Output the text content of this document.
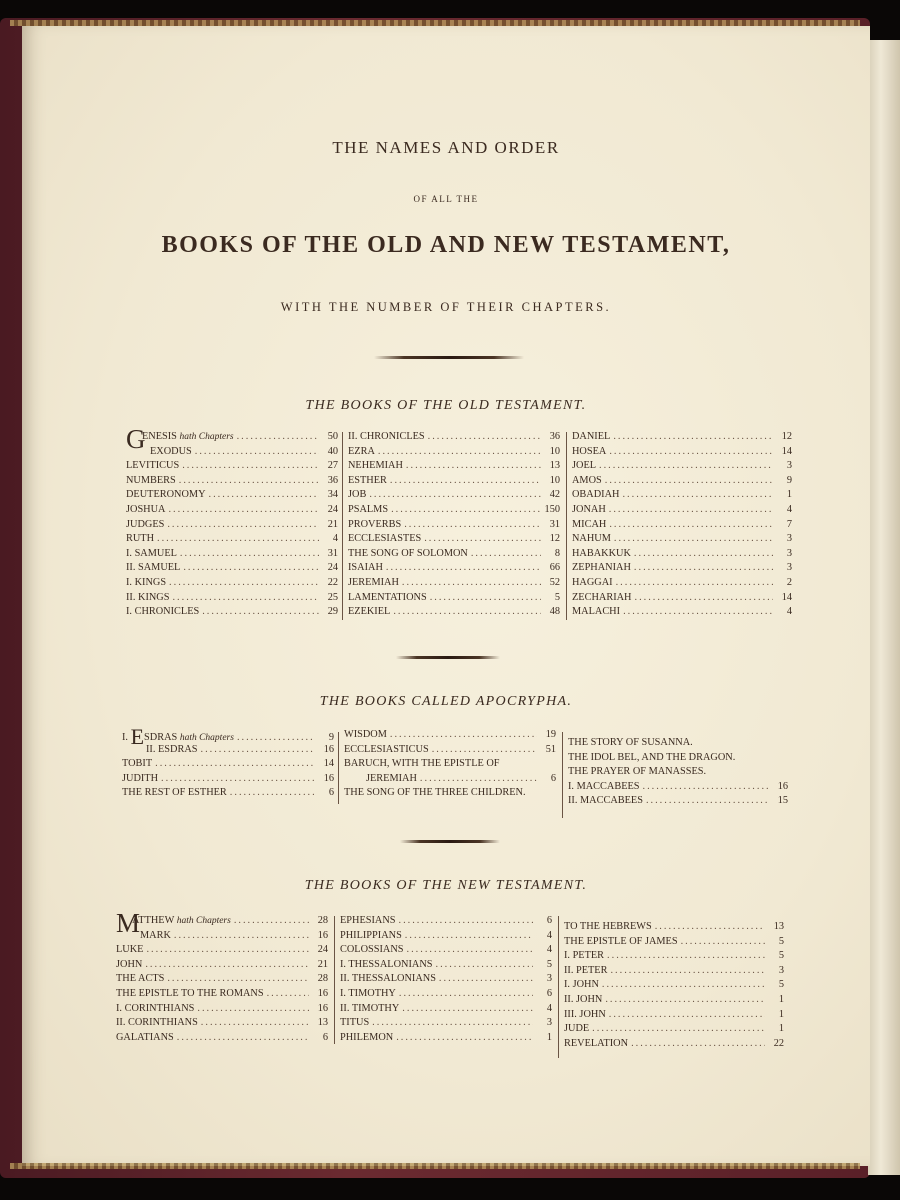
THE NAMES AND ORDER
OF ALL THE
BOOKS OF THE OLD AND NEW TESTAMENT,
WITH THE NUMBER OF THEIR CHAPTERS.
THE BOOKS OF THE OLD TESTAMENT.
G
ENESIS hath Chapters .....	50
EXODUS .....	40
LEVITICUS .....	27
NUMBERS .....	36
DEUTERONOMY .....	34
JOSHUA .....	24
JUDGES .....	21
RUTH .....	4
I. SAMUEL .....	31
II. SAMUEL .....	24
I. KINGS .....	22
II. KINGS .....	25
I. CHRONICLES .....	29
II. CHRONICLES .....	36
EZRA .....	10
NEHEMIAH .....	13
ESTHER .....	10
JOB .....	42
PSALMS .....	150
PROVERBS .....	31
ECCLESIASTES .....	12
THE SONG OF SOLOMON .....	8
ISAIAH .....	66
JEREMIAH .....	52
LAMENTATIONS .....	5
EZEKIEL .....	48
DANIEL .....	12
HOSEA .....	14
JOEL .....	3
AMOS .....	9
OBADIAH .....	1
JONAH .....	4
MICAH .....	7
NAHUM .....	3
HABAKKUK .....	3
ZEPHANIAH .....	3
HAGGAI .....	2
ZECHARIAH .....	14
MALACHI .....	4
THE BOOKS CALLED APOCRYPHA.
I. ESDRAS hath Chapters .....	9
II. ESDRAS .....	16
TOBIT .....	14
JUDITH .....	16
THE REST OF ESTHER .....	6
WISDOM .....	19
ECCLESIASTICUS .....	51
BARUCH, WITH THE EPISTLE OF
JEREMIAH .....	6
THE SONG OF THE THREE CHILDREN.
THE STORY OF SUSANNA.
THE IDOL BEL, AND THE DRAGON.
THE PRAYER OF MANASSES.
I. MACCABEES .....	16
II. MACCABEES .....	15
THE BOOKS OF THE NEW TESTAMENT.
M
ATTHEW hath Chapters .....	28
MARK .....	16
LUKE .....	24
JOHN .....	21
THE ACTS .....	28
THE EPISTLE TO THE ROMANS .....	16
I. CORINTHIANS .....	16
II. CORINTHIANS .....	13
GALATIANS .....	6
EPHESIANS .....	6
PHILIPPIANS .....	4
COLOSSIANS .....	4
I. THESSALONIANS .....	5
II. THESSALONIANS .....	3
I. TIMOTHY .....	6
II. TIMOTHY .....	4
TITUS .....	3
PHILEMON .....	1
TO THE HEBREWS .....	13
THE EPISTLE OF JAMES .....	5
I. PETER .....	5
II. PETER .....	3
I. JOHN .....	5
II. JOHN .....	1
III. JOHN .....	1
JUDE .....	1
REVELATION .....	22
